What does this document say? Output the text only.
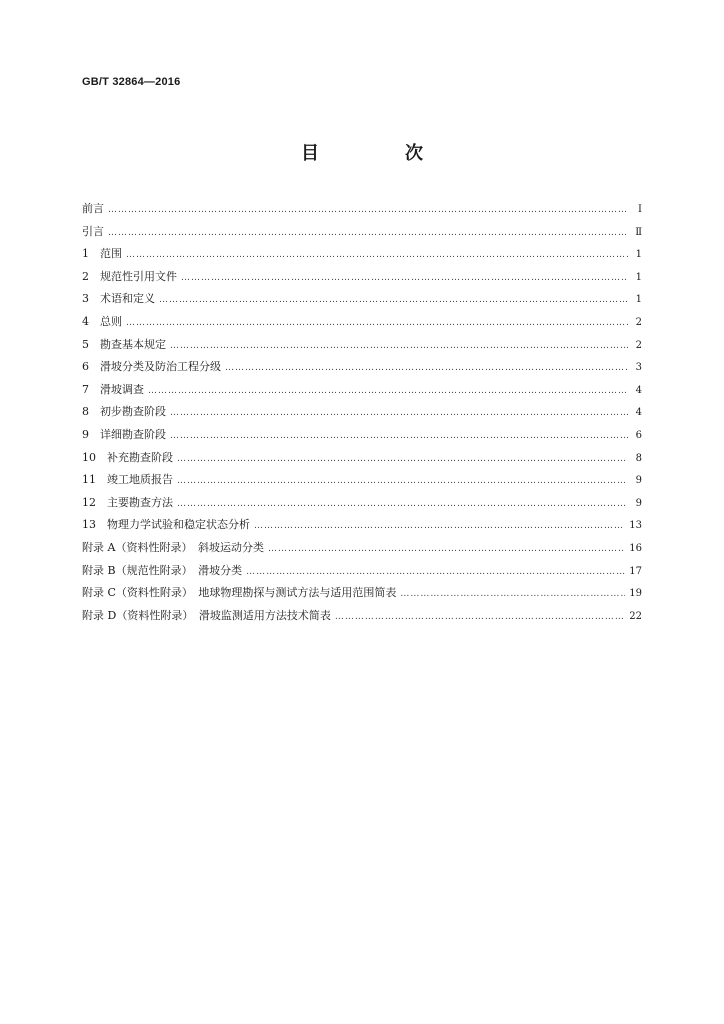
GB/T 32864—2016
目　次
前言 ……………………………………………………………………………………………………………………………………………………………………………………………………………………………………………………	Ⅰ
引言 ……………………………………………………………………………………………………………………………………………………………………………………………………………………………………………………	Ⅱ
1　范围 ……………………………………………………………………………………………………………………………………………………………………………………………………………………………………………………	1
2　规范性引用文件 ……………………………………………………………………………………………………………………………………………………………………………………………………………………………………………………	1
3　术语和定义 ……………………………………………………………………………………………………………………………………………………………………………………………………………………………………………………	1
4　总则 ……………………………………………………………………………………………………………………………………………………………………………………………………………………………………………………	2
5　勘查基本规定 ……………………………………………………………………………………………………………………………………………………………………………………………………………………………………………………	2
6　滑坡分类及防治工程分级 ……………………………………………………………………………………………………………………………………………………………………………………………………………………………………………………	3
7　滑坡调查 ……………………………………………………………………………………………………………………………………………………………………………………………………………………………………………………	4
8　初步勘查阶段 ……………………………………………………………………………………………………………………………………………………………………………………………………………………………………………………	4
9　详细勘查阶段 ……………………………………………………………………………………………………………………………………………………………………………………………………………………………………………………	6
10　补充勘查阶段 ……………………………………………………………………………………………………………………………………………………………………………………………………………………………………………………	8
11　竣工地质报告 ……………………………………………………………………………………………………………………………………………………………………………………………………………………………………………………	9
12　主要勘查方法 ……………………………………………………………………………………………………………………………………………………………………………………………………………………………………………………	9
13　物理力学试验和稳定状态分析 ……………………………………………………………………………………………………………………………………………………………………………………………………………………………………………………	13
附录 A（资料性附录）　斜坡运动分类 ……………………………………………………………………………………………………………………………………………………………………………………………………………………………………………………	16
附录 B（规范性附录）　滑坡分类 ……………………………………………………………………………………………………………………………………………………………………………………………………………………………………………………	17
附录 C（资料性附录）　地球物理勘探与测试方法与适用范围简表 ……………………………………………………………………………………………………………………………………………………………………………………………………………………………………………………	19
附录 D（资料性附录）　滑坡监测适用方法技术简表 ……………………………………………………………………………………………………………………………………………………………………………………………………………………………………………………	22
